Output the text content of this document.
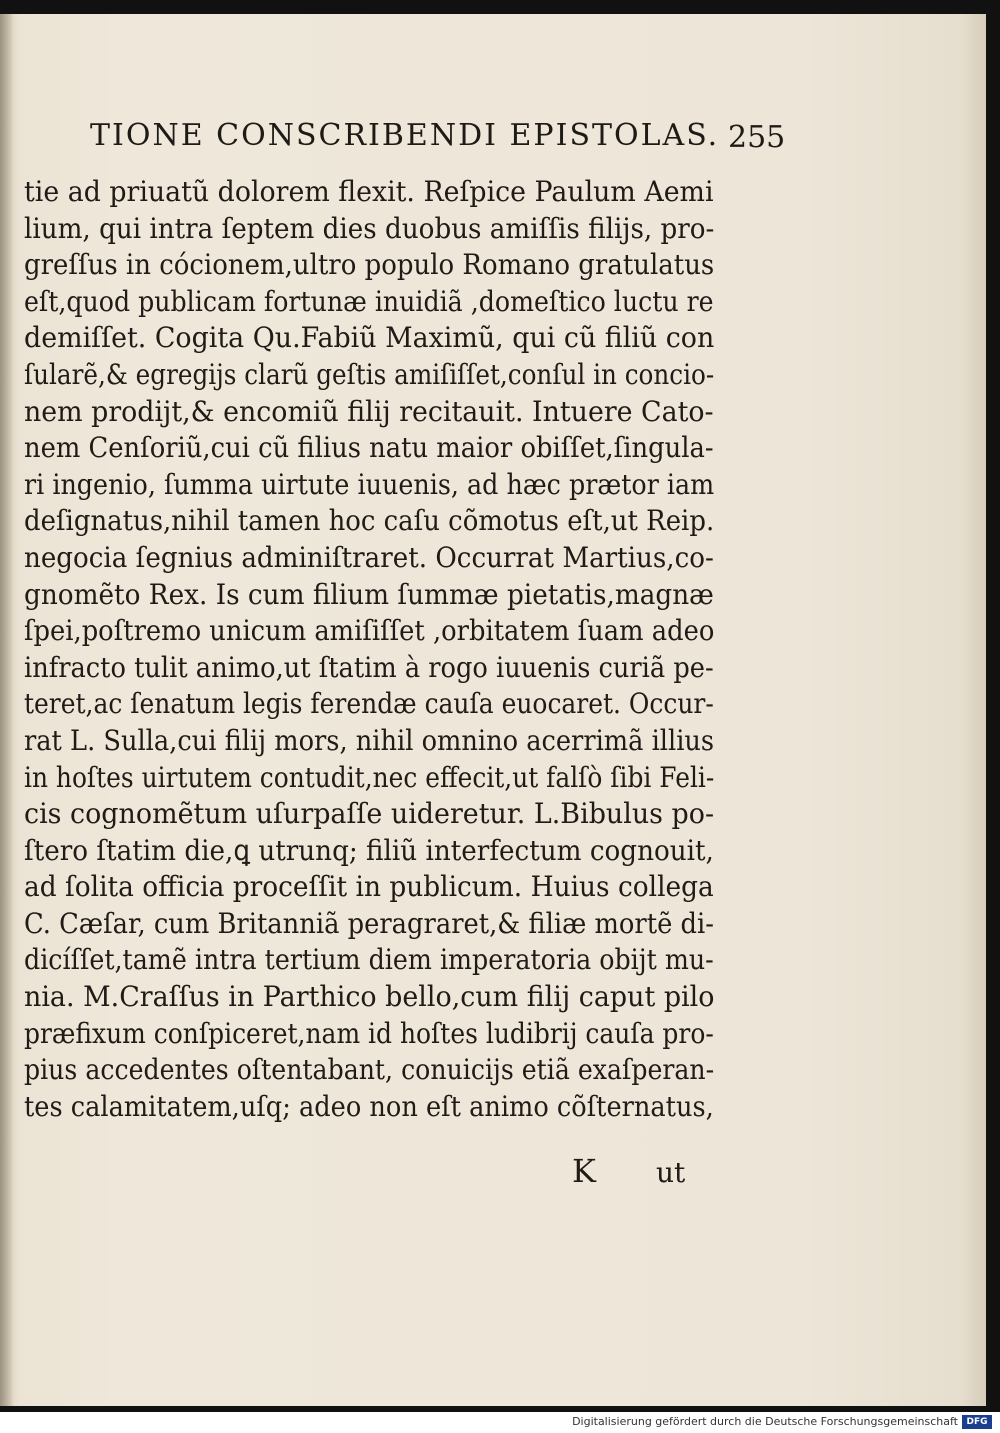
TIONE CONSCRIBENDI EPISTOLAS. 255
tie ad priuatũ dolorem flexit. Reſpice Paulum Aemi
lium, qui intra ſeptem dies duobus amiſſis filijs, pro-
greſſus in cócionem,ultro populo Romano gratulatus
eſt,quod publicam fortunæ inuidiã ,domeſtico luctu re
demiſſet. Cogita Qu.Fabiũ Maximũ, qui cũ filiũ con
ſularẽ,& egregijs clarũ geſtis amiſiſſet,conſul in concio-
nem prodijt,& encomiũ filij recitauit. Intuere Cato-
nem Cenſoriũ,cui cũ filius natu maior obiſſet,ſingula-
ri ingenio, ſumma uirtute iuuenis, ad hæc prætor iam
deſignatus,nihil tamen hoc caſu cõmotus eſt,ut Reip.
negocia ſegnius adminiſtraret. Occurrat Martius,co-
gnomẽto Rex. Is cum filium ſummæ pietatis,magnæ
ſpei,poſtremo unicum amiſiſſet ,orbitatem ſuam adeo
infracto tulit animo,ut ſtatim à rogo iuuenis curiã pe-
teret,ac ſenatum legis ferendæ cauſa euocaret. Occur-
rat L. Sulla,cui filij mors, nihil omnino acerrimã illius
in hoſtes uirtutem contudit,nec effecit,ut falſò ſibi Feli-
cis cognomẽtum uſurpaſſe uideretur. L.Bibulus po-
ſtero ſtatim die,ꝗ utrunq; filiũ interfectum cognouit,
ad ſolita officia proceſſit in publicum. Huius collega
C. Cæſar, cum Britanniã peragraret,& filiæ mortẽ di-
dicíſſet,tamẽ intra tertium diem imperatoria obijt mu-
nia. M.Craſſus in Parthico bello,cum filij caput pilo
præfixum conſpiceret,nam id hoſtes ludibrij cauſa pro-
pius accedentes oſtentabant, conuicijs etiã exaſperan-
tes calamitatem,uſq; adeo non eſt animo cõſternatus,
K ut
Digitalisierung gefördert durch die Deutsche Forschungsgemeinschaft DFG
